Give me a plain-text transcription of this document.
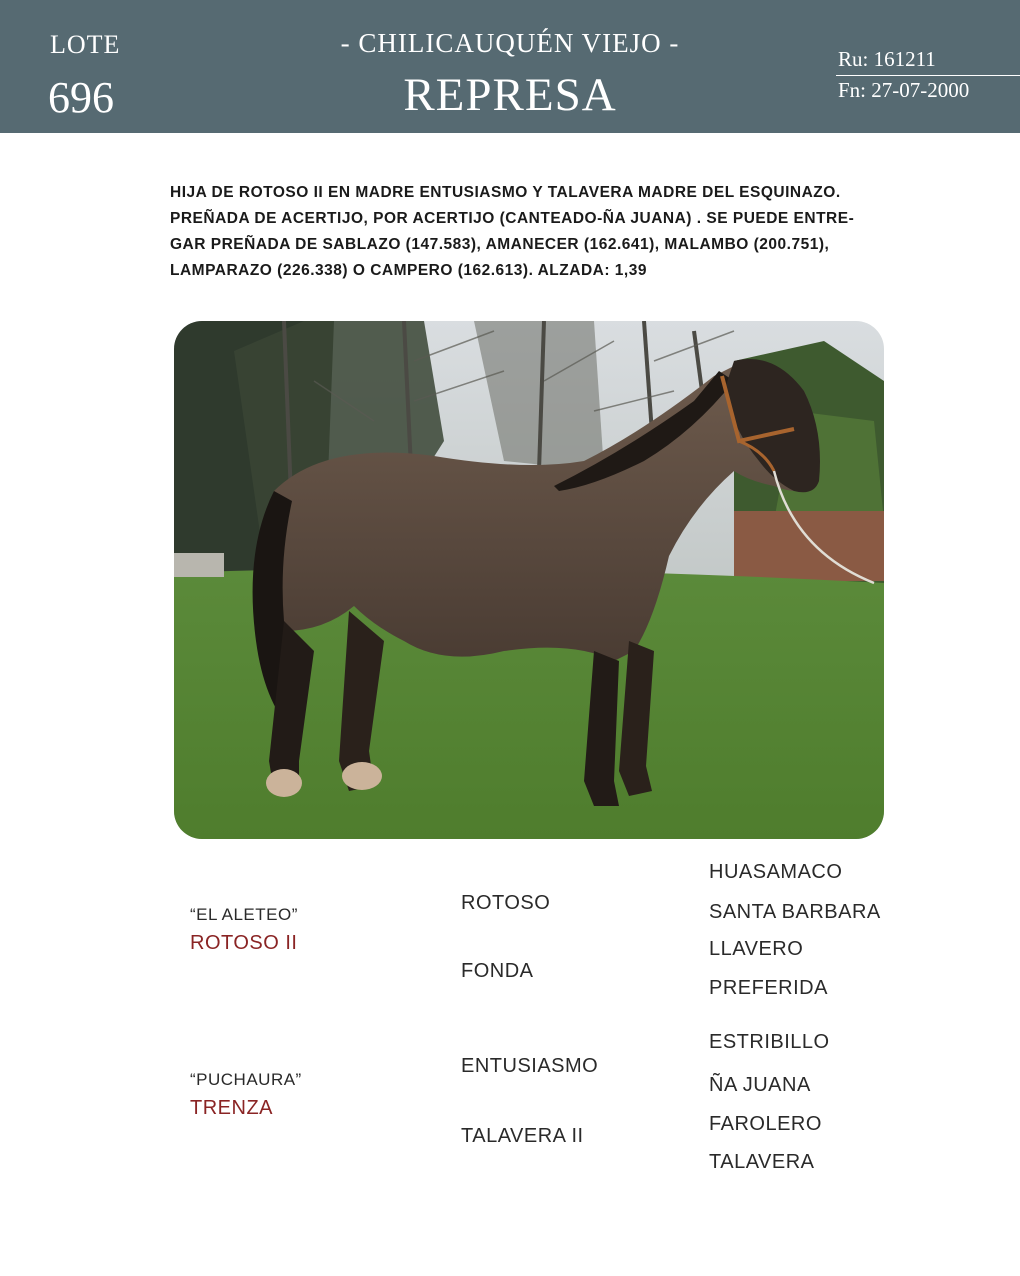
LOTE
696
- CHILICAUQUÉN VIEJO -
REPRESA
Ru: 161211
Fn: 27-07-2000
HIJA DE ROTOSO II EN MADRE ENTUSIASMO Y TALAVERA MADRE DEL ESQUINAZO.
PREÑADA DE ACERTIJO, POR ACERTIJO (CANTEADO-ÑA JUANA) . SE PUEDE ENTRE-
GAR PREÑADA DE SABLAZO (147.583), AMANECER (162.641), MALAMBO (200.751),
LAMPARAZO (226.338) O CAMPERO (162.613). ALZADA: 1,39
“EL ALETEO”
ROTOSO II
ROTOSO
FONDA
HUASAMACO
SANTA BARBARA
LLAVERO
PREFERIDA
“PUCHAURA”
TRENZA
ENTUSIASMO
TALAVERA II
ESTRIBILLO
ÑA JUANA
FAROLERO
TALAVERA
